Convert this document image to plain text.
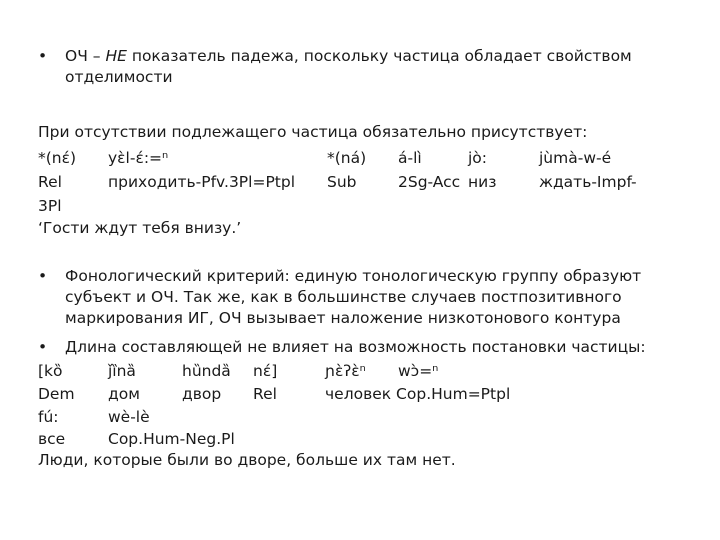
• ОЧ – НЕ показатель падежа, поскольку частица обладает свойством отделимости
При отсутствии подлежащего частица обязательно присутствует:
*(nɛ́) yɛ̀l-ɛ́:=ⁿ	*(ná) á-lì	jò:	jùmà-w-é
Rel	приходить-Pfv.3Pl=Ptpl Sub	2Sg-Acc низ	ждать-Impf-
3Pl
‘Гости ждут тебя внизу.’
• Фонологический критерий: единую тонологическую группу образуют субъект и ОЧ. Так же, как в большинстве случаев постпозитивного маркирования ИГ, ОЧ вызывает наложение низкотонового контура
• Длина составляющей не влияет на возможность постановки частицы:
[kȍ	ǰȉnȁ	hȕndȁ nɛ́]	ɲɛ̀ʔɛ̀ⁿ wɔ̀=ⁿ
Dem дом	двор Rel	человек Cop.Hum=Ptpl
fú:	wè-lè
все	Cop.Hum-Neg.Pl
Люди, которые были во дворе, больше их там нет.
